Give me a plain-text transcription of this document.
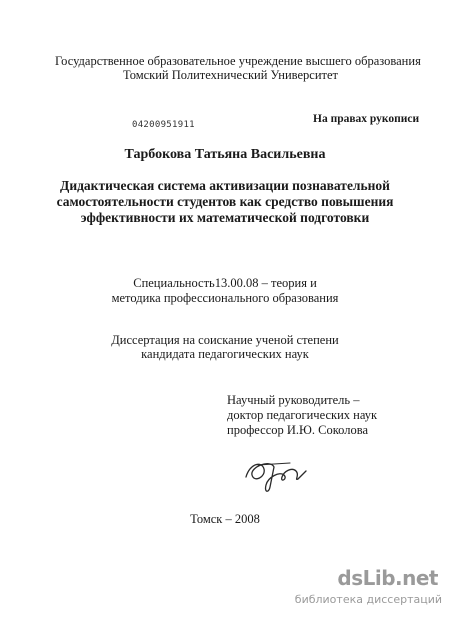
Государственное образовательное учреждение высшего образования
Томский Политехнический Университет
04200951911	На правах рукописи
Тарбокова Татьяна Васильевна
Дидактическая система активизации познавательной
самостоятельности студентов как средство повышения
эффективности их математической подготовки
Специальность13.00.08 – теория и
методика профессионального образования
Диссертация на соискание ученой степени
кандидата педагогических наук
Научный руководитель –
доктор педагогических наук
профессор И.Ю. Соколова
Томск – 2008
dsLib.net
библиотека диссертаций
